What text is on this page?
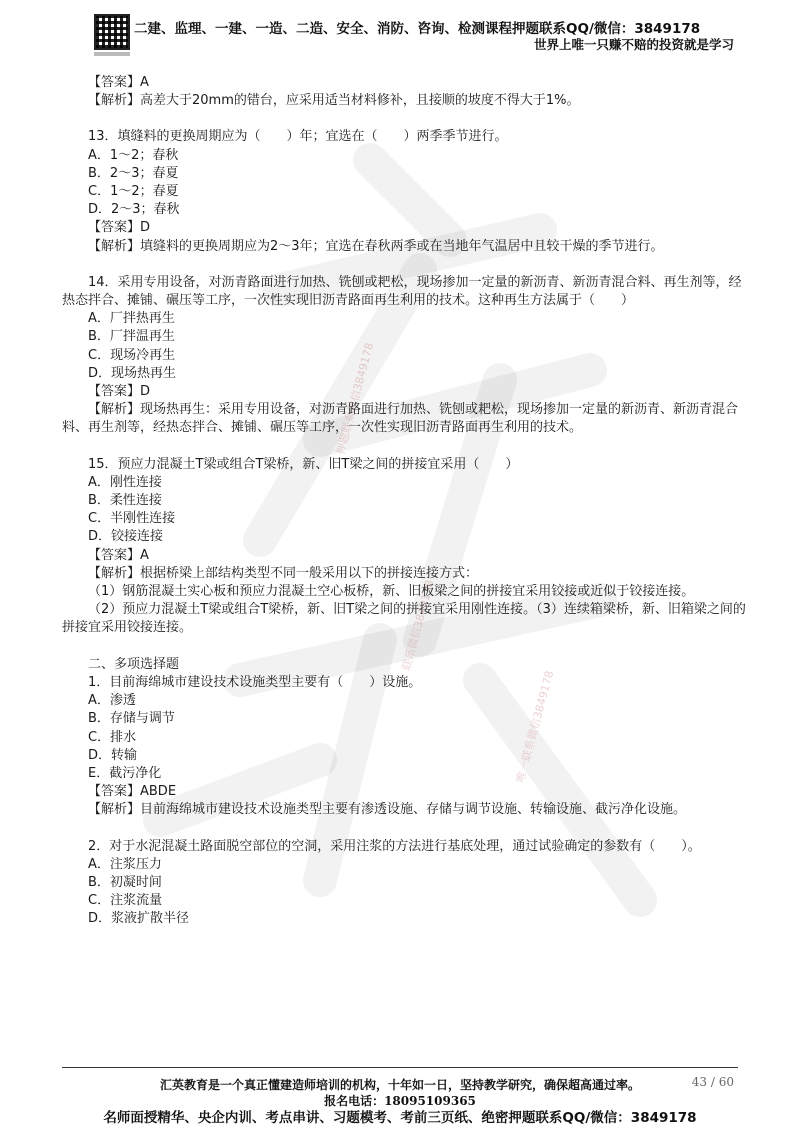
二建、监理、一建、一造、二造、安全、消防、咨询、检测课程押题联系QQ/微信：3849178
世界上唯一只赚不赔的投资就是学习
押题联系微信3849178
唯一联系微信3849178
联系微信3849178

【答案】A

【解析】高差大于20mm的错台，应采用适当材料修补，且接顺的坡度不得大于1%。

13．填缝料的更换周期应为（　　）年；宜选在（　　）两季季节进行。

A．1～2；春秋

B．2～3；春夏

C．1～2；春夏

D．2～3；春秋

【答案】D

【解析】填缝料的更换周期应为2～3年；宜选在春秋两季或在当地年气温居中且较干燥的季节进行。

14．采用专用设备，对沥青路面进行加热、铣刨或耙松，现场掺加一定量的新沥青、新沥青混合料、再生剂等，经热态拌合、摊铺、碾压等工序，一次性实现旧沥青路面再生利用的技术。这种再生方法属于（　　）

A．厂拌热再生

B．厂拌温再生

C．现场冷再生

D．现场热再生

【答案】D

【解析】现场热再生：采用专用设备，对沥青路面进行加热、铣刨或耙松，现场掺加一定量的新沥青、新沥青混合料、再生剂等，经热态拌合、摊铺、碾压等工序，一次性实现旧沥青路面再生利用的技术。

15．预应力混凝土T梁或组合T梁桥，新、旧T梁之间的拼接宜采用（　　）

A．刚性连接

B．柔性连接

C．半刚性连接

D．铰接连接

【答案】A

【解析】根据桥梁上部结构类型不同一般采用以下的拼接连接方式：

（1）钢筋混凝土实心板和预应力混凝土空心板桥，新、旧板梁之间的拼接宜采用铰接或近似于铰接连接。

（2）预应力混凝土T梁或组合T梁桥，新、旧T梁之间的拼接宜采用刚性连接。（3）连续箱梁桥，新、旧箱梁之间的拼接宜采用铰接连接。

二、多项选择题

1．目前海绵城市建设技术设施类型主要有（　　）设施。

A．渗透

B．存储与调节

C．排水

D．转输

E．截污净化

【答案】ABDE

【解析】目前海绵城市建设技术设施类型主要有渗透设施、存储与调节设施、转输设施、截污净化设施。

2．对于水泥混凝土路面脱空部位的空洞，采用注浆的方法进行基底处理，通过试验确定的参数有（　　）。

A．注浆压力

B．初凝时间

C．注浆流量

D．浆液扩散半径

汇英教育是一个真正懂建造师培训的机构，十年如一日，坚持教学研究，确保超高通过率。	43 / 60
报名电话：18095109365
名师面授精华、央企内训、考点串讲、习题模考、考前三页纸、绝密押题联系QQ/微信：3849178
